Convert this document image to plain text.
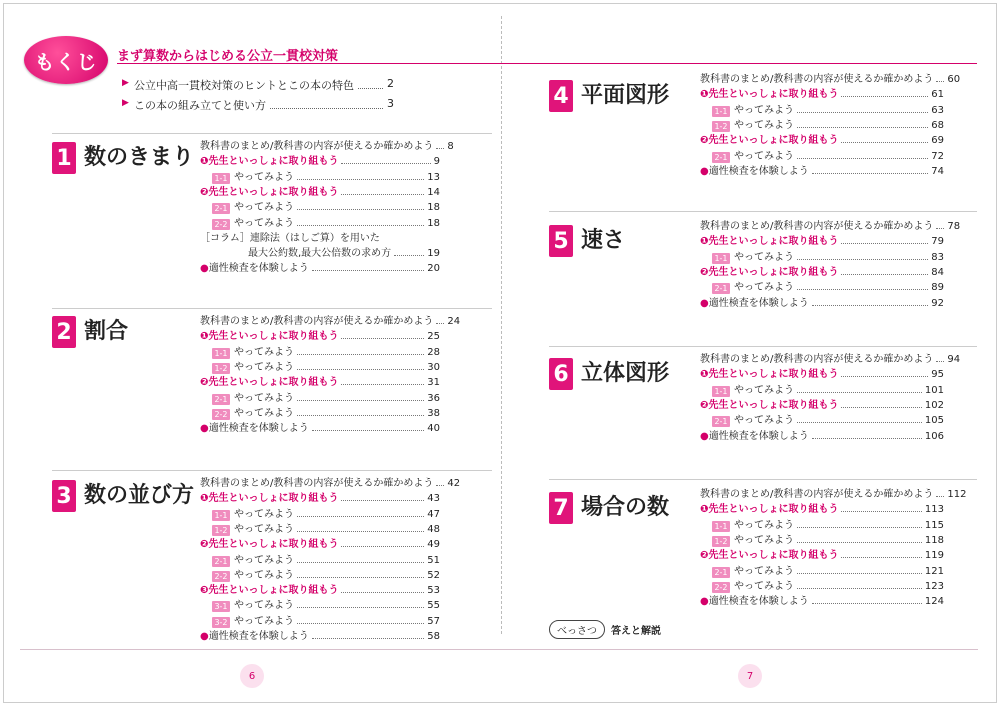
もくじ まず算数からはじめる公立一貫校対策
▶ 公立中高一貫校対策のヒントとこの本の特色	2
▶ この本の組み立てと使い方	3
1 数のきまり 教科書のまとめ/教科書の内容が使えるか確かめよう 8
❶ 先生といっしょに取り組もう	9
1-1 やってみよう	13
❷ 先生といっしょに取り組もう	14
2-1 やってみよう	18
2-2 やってみよう	18
［コラム］連除法（はしご算）を用いた
最大公約数,最大公倍数の求め方	19
● 適性検査を体験しよう	20
2 割合	教科書のまとめ/教科書の内容が使えるか確かめよう 24
❶ 先生といっしょに取り組もう	25
1-1 やってみよう	28
1-2 やってみよう	30
❷ 先生といっしょに取り組もう	31
2-1 やってみよう	36
2-2 やってみよう	38
● 適性検査を体験しよう	40
3 数の並び方 教科書のまとめ/教科書の内容が使えるか確かめよう 42
❶ 先生といっしょに取り組もう	43
1-1 やってみよう	47
1-2 やってみよう	48
❷ 先生といっしょに取り組もう	49
2-1 やってみよう	51
2-2 やってみよう	52
❸ 先生といっしょに取り組もう	53
3-1 やってみよう	55
3-2 やってみよう	57
● 適性検査を体験しよう	58
4 平面図形
教科書のまとめ/教科書の内容が使えるか確かめよう 60
❶ 先生といっしょに取り組もう	61
1-1 やってみよう	63
1-2 やってみよう	68
❷ 先生といっしょに取り組もう	69
2-1 やってみよう	72
● 適性検査を体験しよう	74
5 速さ
教科書のまとめ/教科書の内容が使えるか確かめよう 78
❶ 先生といっしょに取り組もう	79
1-1 やってみよう	83
❷ 先生といっしょに取り組もう	84
2-1 やってみよう	89
● 適性検査を体験しよう	92
6 立体図形
教科書のまとめ/教科書の内容が使えるか確かめよう 94
❶ 先生といっしょに取り組もう	95
1-1 やってみよう	101
❷ 先生といっしょに取り組もう	102
2-1 やってみよう	105
● 適性検査を体験しよう	106
7 場合の数
教科書のまとめ/教科書の内容が使えるか確かめよう 112
❶ 先生といっしょに取り組もう	113
1-1 やってみよう	115
1-2 やってみよう	118
❷ 先生といっしょに取り組もう	119
2-1 やってみよう	121
2-2 やってみよう	123
● 適性検査を体験しよう	124
べっさつ	答えと解説
6	7
